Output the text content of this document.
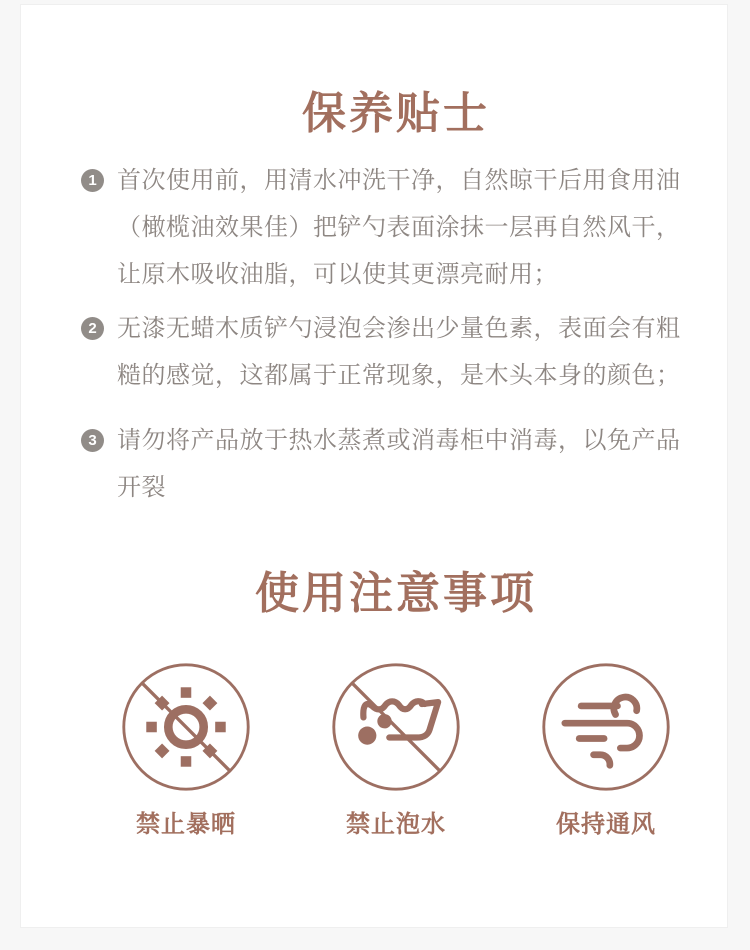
保养贴士
1 首次使用前，用清水冲洗干净，自然晾干后用食用油（橄榄油效果佳）把铲勺表面涂抹一层再自然风干，让原木吸收油脂，可以使其更漂亮耐用；

2 无漆无蜡木质铲勺浸泡会渗出少量色素，表面会有粗糙的感觉，这都属于正常现象，是木头本身的颜色；

3 请勿将产品放于热水蒸煮或消毒柜中消毒，以免产品开裂

使用注意事项
禁止暴晒	禁止泡水	保持通风
